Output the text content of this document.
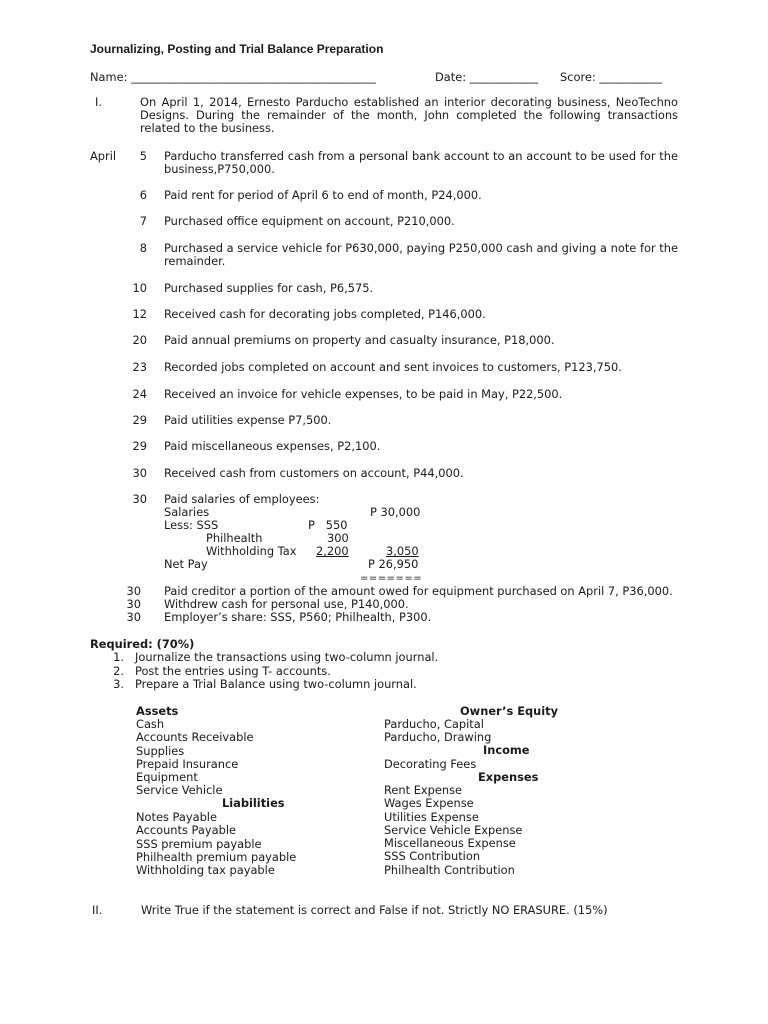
Journalizing, Posting and Trial Balance Preparation
Name: ___________________________________________	Date: ____________ Score: ___________
I.	On April 1, 2014, Ernesto Parducho established an interior decorating business, NeoTechno Designs. During the remainder of the month, John completed the following transactions related to the business.
April	5 Parducho transferred cash from a personal bank account to an account to be used for the business,P750,000.
6 Paid rent for period of April 6 to end of month, P24,000.
7 Purchased office equipment on account, P210,000.
8 Purchased a service vehicle for P630,000, paying P250,000 cash and giving a note for the remainder.
10 Purchased supplies for cash, P6,575.
12 Received cash for decorating jobs completed, P146,000.
20 Paid annual premiums on property and casualty insurance, P18,000.
23 Recorded jobs completed on account and sent invoices to customers, P123,750.
24 Received an invoice for vehicle expenses, to be paid in May, P22,500.
29 Paid utilities expense P7,500.
29 Paid miscellaneous expenses, P2,100.
30 Received cash from customers on account, P44,000.
30 Paid salaries of employees:
Salaries	P 30,000
Less: SSS	P   550
Philhealth	300
Withholding Tax 2,200	3,050
Net Pay	P 26,950
=======
30 Paid creditor a portion of the amount owed for equipment purchased on April 7, P36,000.
30 Withdrew cash for personal use, P140,000.
30 Employer’s share: SSS, P560; Philhealth, P300.
Required: (70%)
1. Journalize the transactions using two-column journal.
2. Post the entries using T- accounts.
3. Prepare a Trial Balance using two-column journal.
Assets
Cash
Accounts Receivable
Supplies
Prepaid Insurance
Equipment
Service Vehicle
Liabilities
Notes Payable
Accounts Payable
SSS premium payable
Philhealth premium payable
Withholding tax payable
Owner’s Equity
Parducho, Capital
Parducho, Drawing
Income
Decorating Fees
Expenses
Rent Expense
Wages Expense
Utilities Expense
Service Vehicle Expense
Miscellaneous Expense
SSS Contribution
Philhealth Contribution
II.	Write True if the statement is correct and False if not. Strictly NO ERASURE. (15%)
